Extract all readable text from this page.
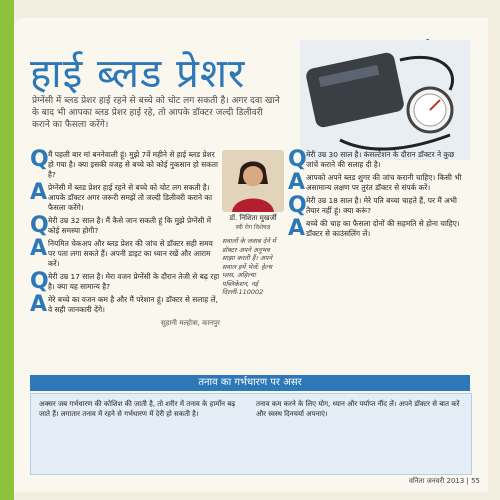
हाई ब्लड प्रेशर

प्रेग्नेंसी में ब्लड प्रेशर हाई रहने से बच्चे को चोट लग सकती है। अगर दवा खाने के बाद भी आपका ब्लड प्रेशर हाई रहे, तो आपके डॉक्टर जल्दी डिलीवरी कराने का फैसला करेंगे।

Q मैं पहली बार मां बननेवाली हूं। मुझे 7वें महीने से हाई ब्लड प्रेशर हो गया है। क्या इसकी वजह से बच्चे को कोई नुकसान हो सकता है?

A प्रेग्नेंसी में ब्लड प्रेशर हाई रहने से बच्चे को चोट लग सकती है। आपके डॉक्टर अगर जरूरी समझें तो जल्दी डिलीवरी कराने का फैसला करेंगे।

Q मेरी उम्र 32 साल है। मैं कैसे जान सकती हूं कि मुझे प्रेग्नेंसी में कोई समस्या होगी?

A नियमित चेकअप और ब्लड प्रेशर की जांच से डॉक्टर सही समय पर पता लगा सकते हैं। अपनी डाइट का ध्यान रखें और आराम करें।

Q मेरी उम्र 17 साल है। मेरा वजन प्रेग्नेंसी के दौरान तेजी से बढ़ रहा है। क्या यह सामान्य है?

A मेरे बच्चे का वजन कम है और मैं परेशान हूं। डॉक्टर से सलाह लें, वे सही जानकारी देंगे।

सुहानी मल्होत्रा, कानपुर

डॉ. निशिता मुखर्जी

स्त्री रोग विशेषज्ञ

सवालों के जवाब देने में डॉक्टर अपने अनुभव साझा करती हैं। अपने सवाल हमें भेजें: हेल्थ प्लस, अहिल्या पब्लिकेशन, नई दिल्ली-110002
Q मेरी उम्र 30 साल है। कंसल्टेशन के दौरान डॉक्टर ने कुछ जांचें कराने की सलाह दी है।

A आपको अपने ब्लड शुगर की जांच करानी चाहिए। किसी भी असामान्य लक्षण पर तुरंत डॉक्टर से संपर्क करें।

Q मेरी उम्र 18 साल है। मेरे पति बच्चा चाहते हैं, पर मैं अभी तैयार नहीं हूं। क्या करूं?

A बच्चे की चाह का फैसला दोनों की सहमति से होना चाहिए। डॉक्टर से काउंसलिंग लें।

तनाव का गर्भधारण पर असर

अक्सर जब गर्भधारण की कोशिश की जाती है, तो शरीर में तनाव के हार्मोन बढ़ जाते हैं। लगातार तनाव में रहने से गर्भधारण में देरी हो सकती है।

तनाव कम करने के लिए योग, ध्यान और पर्याप्त नींद लें। अपने डॉक्टर से बात करें और स्वस्थ दिनचर्या अपनाएं।

वनिता जनवरी 2013 | 55
